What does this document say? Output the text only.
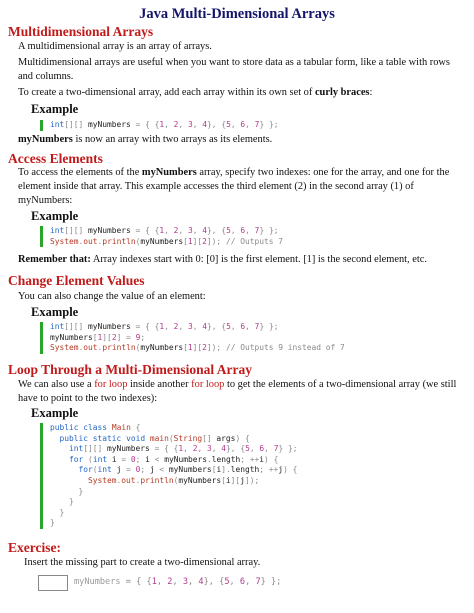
Java Multi-Dimensional Arrays
Multidimensional Arrays
A multidimensional array is an array of arrays.
Multidimensional arrays are useful when you want to store data as a tabular form, like a table with rows and columns.
To create a two-dimensional array, add each array within its own set of curly braces:
Example
int[][] myNumbers = { {1, 2, 3, 4}, {5, 6, 7} };
myNumbers is now an array with two arrays as its elements.
Access Elements
To access the elements of the myNumbers array, specify two indexes: one for the array, and one for the element inside that array. This example accesses the third element (2) in the second array (1) of myNumbers:
Example
int[][] myNumbers = { {1, 2, 3, 4}, {5, 6, 7} };
System.out.println(myNumbers[1][2]); // Outputs 7
Remember that: Array indexes start with 0: [0] is the first element. [1] is the second element, etc.
Change Element Values
You can also change the value of an element:
Example
int[][] myNumbers = { {1, 2, 3, 4}, {5, 6, 7} };
myNumbers[1][2] = 9;
System.out.println(myNumbers[1][2]); // Outputs 9 instead of 7
Loop Through a Multi-Dimensional Array
We can also use a for loop inside another for loop to get the elements of a two-dimensional array (we still have to point to the two indexes):
Example
public class Main {
public static void main(String[] args) {
int[][] myNumbers = { {1, 2, 3, 4}, {5, 6, 7} };
for (int i = 0; i < myNumbers.length; ++i) {
for(int j = 0; j < myNumbers[i].length; ++j) {
System.out.println(myNumbers[i][j]);
}
}
}
}
Exercise:
Insert the missing part to create a two-dimensional array.
myNumbers = { {1, 2, 3, 4}, {5, 6, 7} };
